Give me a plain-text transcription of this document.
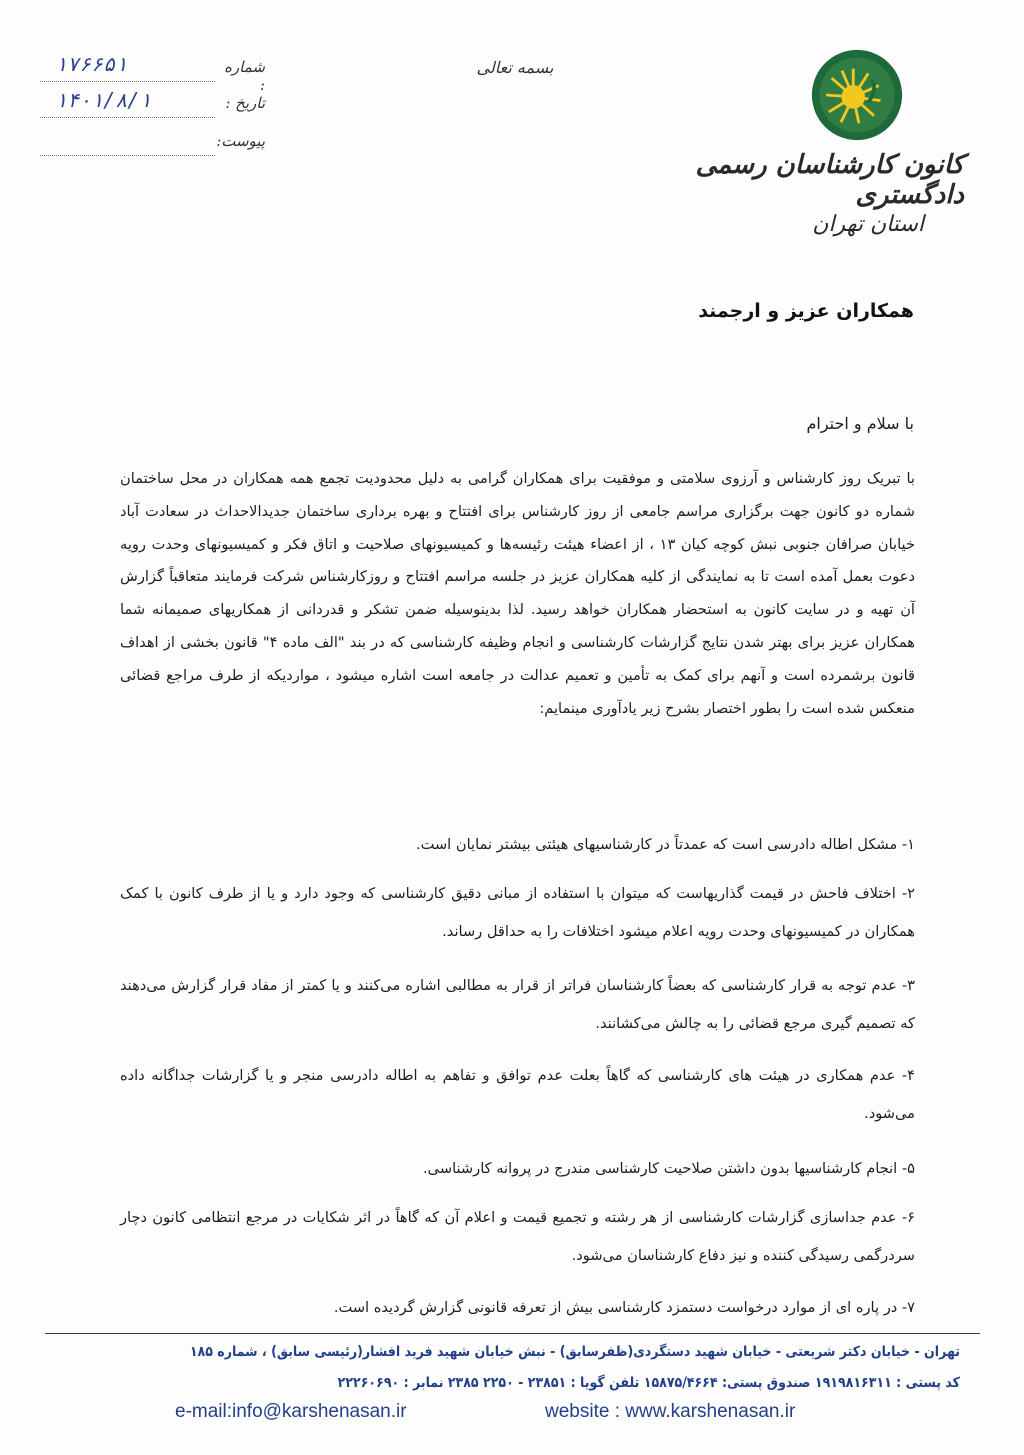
کانون کارشناسان رسمی دادگستری
استان تهران
بسمه تعالی
شماره :
۱۷۶۶۵۱
تاریخ :
۱۴۰۱/۸/۱
پیوست:
همکاران عزیز و ارجمند
با سلام و احترام

با تبریک روز کارشناس و آرزوی سلامتی و موفقیت برای همکاران گرامی به دلیل محدودیت تجمع همه همکاران در محل ساختمان شماره دو کانون جهت برگزاری مراسم جامعی از روز کارشناس برای افتتاح و بهره برداری ساختمان جدیدالاحداث در سعادت آباد خیابان صرافان جنوبی نبش کوچه کیان ۱۳ ، از اعضاء هیئت رئیسه‌ها و کمیسیونهای صلاحیت و اتاق فکر و کمیسیونهای وحدت رویه دعوت بعمل آمده است تا به نمایندگی از کلیه همکاران عزیز در جلسه مراسم افتتاح و روزکارشناس شرکت فرمایند متعاقباً گزارش آن تهیه و در سایت کانون به استحضار همکاران خواهد رسید. لذا بدینوسیله ضمن تشکر و قدردانی از همکاریهای صمیمانه شما همکاران عزیز برای بهتر شدن نتایج گزارشات کارشناسی و انجام وظیفه کارشناسی که در بند "الف ماده ۴" قانون بخشی از اهداف قانون برشمرده است و آنهم برای کمک به تأمین و تعمیم عدالت در جامعه است اشاره میشود ، مواردیکه از طرف مراجع قضائی منعکس شده است را بطور اختصار بشرح زیر یادآوری مینمایم:

۱- مشکل اطاله دادرسی است که عمدتاً در کارشناسیهای هیئتی بیشتر نمایان است.

۲- اختلاف فاحش در قیمت گذاریهاست که میتوان با استفاده از مبانی دقیق کارشناسی که وجود دارد و یا از طرف کانون با کمک همکاران در کمیسیونهای وحدت رویه اعلام میشود اختلافات را به حداقل رساند.

۳- عدم توجه به قرار کارشناسی که بعضاً کارشناسان فراتر از قرار به مطالبی اشاره می‌کنند و یا کمتر از مفاد قرار گزارش می‌دهند که تصمیم گیری مرجع قضائی را به چالش می‌کشانند.

۴- عدم همکاری در هیئت های کارشناسی که گاهاً بعلت عدم توافق و تفاهم به اطاله دادرسی منجر و یا گزارشات جداگانه داده می‌شود.

۵- انجام کارشناسیها بدون داشتن صلاحیت کارشناسی مندرج در پروانه کارشناسی.

۶- عدم جداسازی گزارشات کارشناسی از هر رشته و تجمیع قیمت و اعلام آن که گاهاً در اثر شکایات در مرجع انتظامی کانون دچار سردرگمی رسیدگی کننده و نیز دفاع کارشناسان می‌شود.

۷- در پاره ای از موارد درخواست دستمزد کارشناسی بیش از تعرفه قانونی گزارش گردیده است.

تهران - خیابان دکتر شریعتی - خیابان شهید دستگردی(ظفرسابق) - نبش خیابان شهید فرید افشار(رئیسی سابق) ، شماره ۱۸۵
کد پستی : ۱۹۱۹۸۱۶۳۱۱ صندوق پستی: ۱۵۸۷۵/۴۶۶۴ تلفن گویا : ۲۳۸۵۱ - ۲۲۵۰ ۲۳۸۵ نمابر : ۲۲۲۶۰۶۹۰
e-mail:info@karshenasan.ir	website : www.karshenasan.ir
